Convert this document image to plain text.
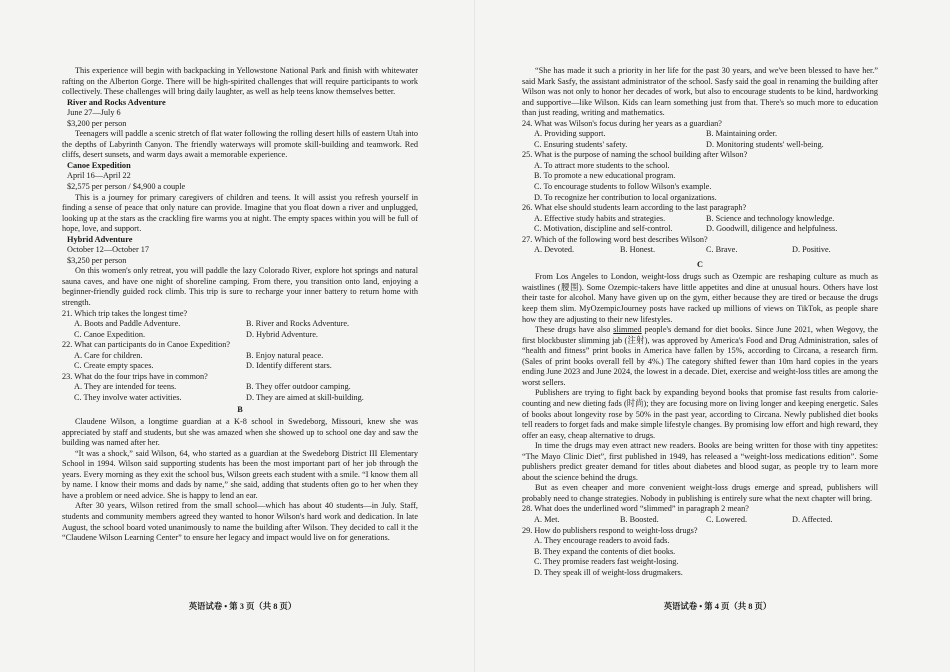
This experience will begin with backpacking in Yellowstone National Park and finish with whitewater rafting on the Alberton Gorge. There will be high-spirited challenges that will require participants to work collectively. These challenges will bring daily laughter, as well as help teens know themselves better.
River and Rocks Adventure
June 27—July 6
$3,200 per person
Teenagers will paddle a scenic stretch of flat water following the rolling desert hills of eastern Utah into the depths of Labyrinth Canyon. The friendly waterways will promote skill-building and teamwork. Red cliffs, desert sunsets, and warm days await a memorable experience.
Canoe Expedition
April 16—April 22
$2,575 per person / $4,900 a couple
This is a journey for primary caregivers of children and teens. It will assist you refresh yourself in finding a sense of peace that only nature can provide. Imagine that you float down a river and unplugged, looking up at the stars as the crackling fire warms you at night. The empty spaces within you will be full of hope, love, and support.
Hybrid Adventure
October 12—October 17
$3,250 per person
On this women's only retreat, you will paddle the lazy Colorado River, explore hot springs and natural sauna caves, and have one night of shoreline camping. From there, you transition onto land, enjoying a beginner-friendly guided rock climb. This trip is sure to recharge your inner battery to return home with strength.
21. Which trip takes the longest time?
A. Boots and Paddle Adventure.	B. River and Rocks Adventure.
C. Canoe Expedition.	D. Hybrid Adventure.
22. What can participants do in Canoe Expedition?
A. Care for children.	B. Enjoy natural peace.
C. Create empty spaces.	D. Identify different stars.
23. What do the four trips have in common?
A. They are intended for teens.	B. They offer outdoor camping.
C. They involve water activities.	D. They are aimed at skill-building.
B
Claudene Wilson, a longtime guardian at a K-8 school in Swedeborg, Missouri, knew she was appreciated by staff and students, but she was amazed when she showed up to school one day and saw the building was named after her.
“It was a shock,” said Wilson, 64, who started as a guardian at the Swedeborg District III Elementary School in 1994. Wilson said supporting students has been the most important part of her job through the years. Every morning as they exit the school bus, Wilson greets each student with a smile. “I know them all by name. I know their moms and dads by name,” she said, adding that students often go to her when they have a problem or need advice. She is happy to lend an ear.
After 30 years, Wilson retired from the small school—which has about 40 students—in July. Staff, students and community members agreed they wanted to honor Wilson's hard work and dedication. In late August, the school board voted unanimously to name the building after Wilson. They decided to call it the “Claudene Wilson Learning Center” to ensure her legacy and impact would live on for generations.
英语试卷 • 第 3 页（共 8 页）
“She has made it such a priority in her life for the past 30 years, and we've been blessed to have her.” said Mark Sasfy, the assistant administrator of the school. Sasfy said the goal in renaming the building after Wilson was not only to honor her decades of work, but also to encourage students to be kind, hardworking and supportive—like Wilson. Kids can learn something just from that. There's so much more to education than just reading, writing and mathematics.
24. What was Wilson's focus during her years as a guardian?
A. Providing support.	B. Maintaining order.
C. Ensuring students' safety.	D. Monitoring students' well-being.
25. What is the purpose of naming the school building after Wilson?
A. To attract more students to the school.
B. To promote a new educational program.
C. To encourage students to follow Wilson's example.
D. To recognize her contribution to local organizations.
26. What else should students learn according to the last paragraph?
A. Effective study habits and strategies.	B. Science and technology knowledge.
C. Motivation, discipline and self-control.	D. Goodwill, diligence and helpfulness.
27. Which of the following word best describes Wilson?
A. Devoted.	B. Honest.	C. Brave.	D. Positive.
C
From Los Angeles to London, weight-loss drugs such as Ozempic are reshaping culture as much as waistlines (腰围). Some Ozempic-takers have little appetites and dine at unusual hours. Others have lost their taste for alcohol. Many have given up on the gym, either because they are tired or because the drugs keep them slim. MyOzempicJourney posts have racked up millions of views on TikTok, as people share how they are adjusting to their new lifestyles.
These drugs have also slimmed people's demand for diet books. Since June 2021, when Wegovy, the first blockbuster slimming jab (注射), was approved by America's Food and Drug Administration, sales of “health and fitness” print books in America have fallen by 15%, according to Circana, a research firm. (Sales of print books overall fell by 4%.) The category shifted fewer than 10m hard copies in the years ending June 2023 and June 2024, the lowest in a decade. Diet, exercise and weight-loss titles are among the worst sellers.
Publishers are trying to fight back by expanding beyond books that promise fast results from calorie-counting and new dieting fads (时尚); they are focusing more on living longer and keeping energetic. Sales of books about longevity rose by 50% in the past year, according to Circana. Newly published diet books tell readers to forget fads and make simple lifestyle changes. By promising low effort and high reward, they offer an easy, cheap alternative to drugs.
In time the drugs may even attract new readers. Books are being written for those with tiny appetites: “The Mayo Clinic Diet”, first published in 1949, has released a “weight-loss medications edition”. Some publishers predict greater demand for titles about diabetes and blood sugar, as people try to learn more about the science behind the drugs.
But as even cheaper and more convenient weight-loss drugs emerge and spread, publishers will probably need to change strategies. Nobody in publishing is entirely sure what the next chapter will bring.
28. What does the underlined word “slimmed” in paragraph 2 mean?
A. Met.	B. Boosted.	C. Lowered.	D. Affected.
29. How do publishers respond to weight-loss drugs?
A. They encourage readers to avoid fads.
B. They expand the contents of diet books.
C. They promise readers fast weight-losing.
D. They speak ill of weight-loss drugmakers.
英语试卷 • 第 4 页（共 8 页）
